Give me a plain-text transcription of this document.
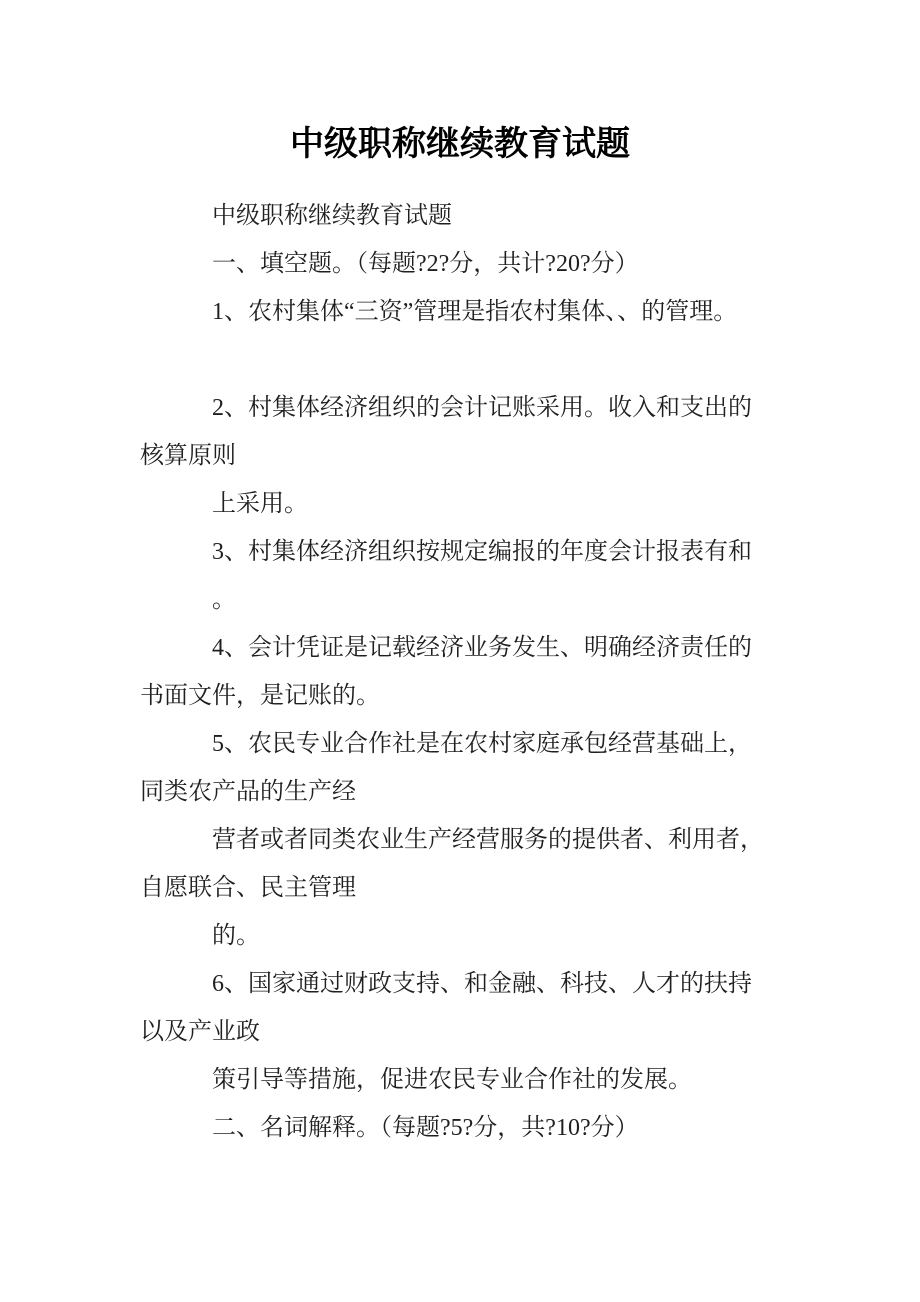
中级职称继续教育试题
中级职称继续教育试题
一、填空题。（每题?2?分，共计?20?分）
1、农村集体“三资”管理是指农村集体、、的管理。
2、村集体经济组织的会计记账采用。收入和支出的
核算原则
上采用。
3、村集体经济组织按规定编报的年度会计报表有和
。
4、会计凭证是记载经济业务发生、明确经济责任的
书面文件，是记账的。
5、农民专业合作社是在农村家庭承包经营基础上，
同类农产品的生产经
营者或者同类农业生产经营服务的提供者、利用者，
自愿联合、民主管理
的。
6、国家通过财政支持、和金融、科技、人才的扶持
以及产业政
策引导等措施，促进农民专业合作社的发展。
二、名词解释。（每题?5?分，共?10?分）
